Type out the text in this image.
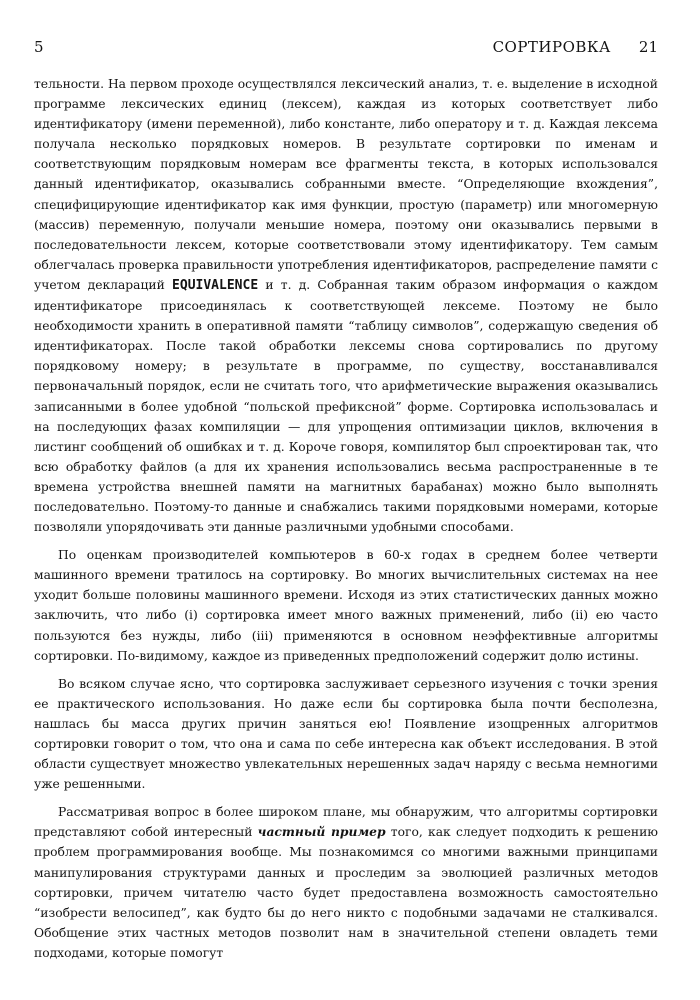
5	СОРТИРОВКА 21

тельности. На первом проходе осуществлялся лексический анализ, т. е. выделение в исходной программе лексических единиц (лексем), каждая из которых соответствует либо идентификатору (имени переменной), либо константе, либо оператору и т. д. Каждая лексема получала несколько порядковых номеров. В результате сортировки по именам и соответствующим порядковым номерам все фрагменты текста, в которых использовался данный идентификатор, оказывались собранными вместе. “Определяющие вхождения”, специфицирующие идентификатор как имя функции, простую (параметр) или многомерную (массив) переменную, получали меньшие номера, поэтому они оказывались первыми в последовательности лексем, которые соответствовали этому идентификатору. Тем самым облегчалась проверка правильности употребления идентификаторов, распределение памяти с учетом деклараций EQUIVALENCE и т. д. Собранная таким образом информация о каждом идентификаторе присоединялась к соответствующей лексеме. Поэтому не было необходимости хранить в оперативной памяти “таблицу символов”, содержащую сведения об идентификаторах. После такой обработки лексемы снова сортировались по другому порядковому номеру; в результате в программе, по существу, восстанавливался первоначальный порядок, если не считать того, что арифметические выражения оказывались записанными в более удобной “польской префиксной” форме. Сортировка использовалась и на последующих фазах компиляции — для упрощения оптимизации циклов, включения в листинг сообщений об ошибках и т. д. Короче говоря, компилятор был спроектирован так, что всю обработку файлов (а для их хранения использовались весьма распространенные в те времена устройства внешней памяти на магнитных барабанах) можно было выполнять последовательно. Поэтому-то данные и снабжались такими порядковыми номерами, которые позволяли упорядочивать эти данные различными удобными способами.

По оценкам производителей компьютеров в 60-х годах в среднем более четверти машинного времени тратилось на сортировку. Во многих вычислительных системах на нее уходит больше половины машинного времени. Исходя из этих статистических данных можно заключить, что либо (i) сортировка имеет много важных применений, либо (ii) ею часто пользуются без нужды, либо (iii) применяются в основном неэффективные алгоритмы сортировки. По-видимому, каждое из приведенных предположений содержит долю истины.

Во всяком случае ясно, что сортировка заслуживает серьезного изучения с точки зрения ее практического использования. Но даже если бы сортировка была почти бесполезна, нашлась бы масса других причин заняться ею! Появление изощренных алгоритмов сортировки говорит о том, что она и сама по себе интересна как объект исследования. В этой области существует множество увлекательных нерешенных задач наряду с весьма немногими уже решенными.

Рассматривая вопрос в более широком плане, мы обнаружим, что алгоритмы сортировки представляют собой интересный частный пример того, как следует подходить к решению проблем программирования вообще. Мы познакомимся со многими важными принципами манипулирования структурами данных и проследим за эволюцией различных методов сортировки, причем читателю часто будет предоставлена возможность самостоятельно “изобрести велосипед”, как будто бы до него никто с подобными задачами не сталкивался. Обобщение этих частных методов позволит нам в значительной степени овладеть теми подходами, которые помогут
